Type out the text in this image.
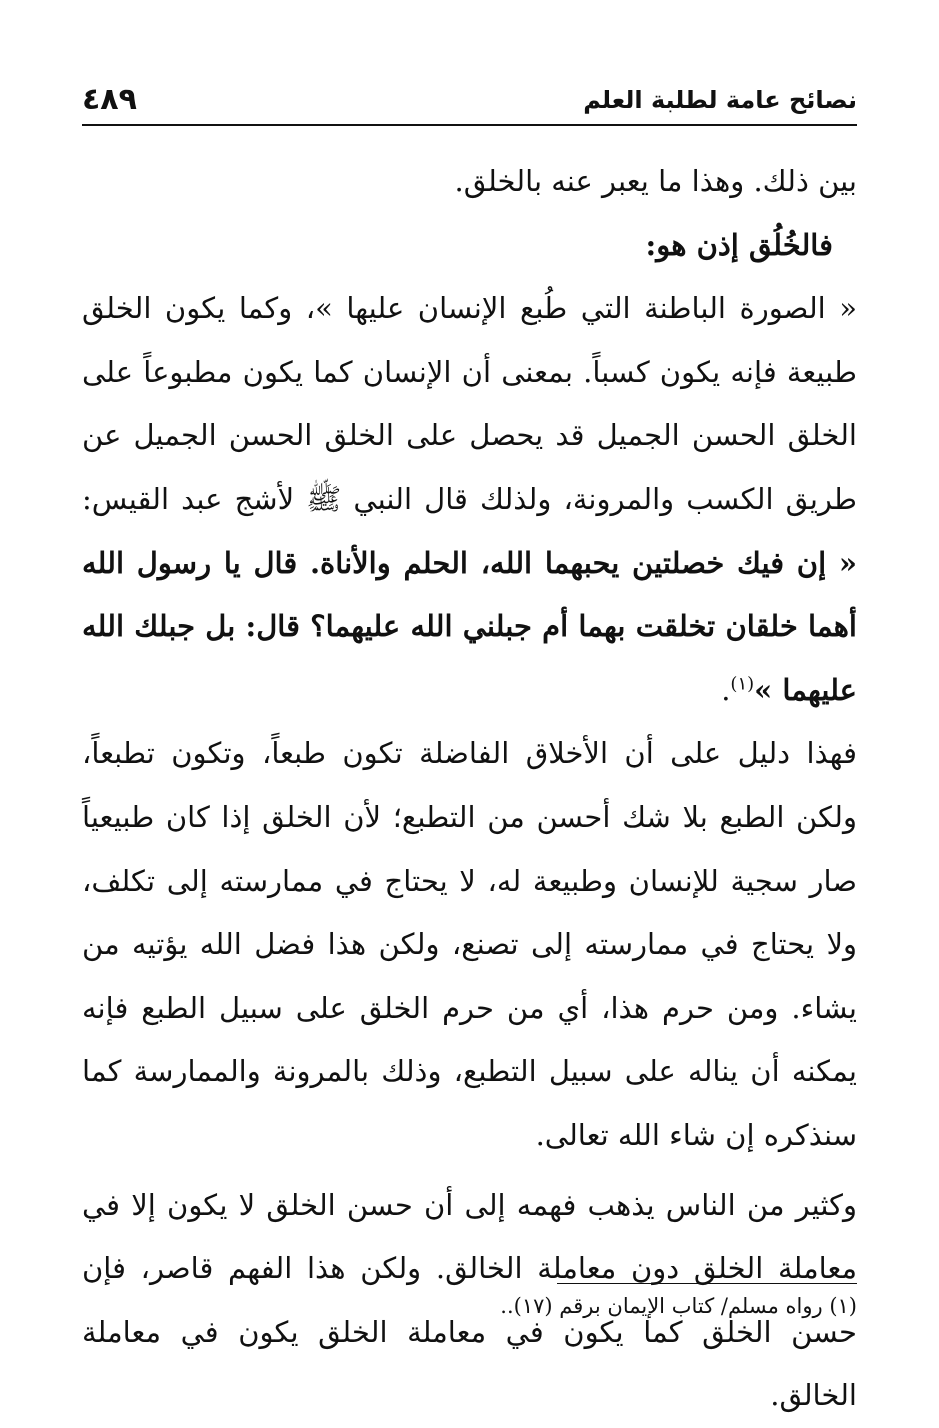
نصائح عامة لطلبة العلم
٤٨٩

بين ذلك. وهذا ما يعبر عنه بالخلق.

فالخُلُق إذن هو:

« الصورة الباطنة التي طُبع الإنسان عليها »، وكما يكون الخلق طبيعة فإنه يكون كسباً. بمعنى أن الإنسان كما يكون مطبوعاً على الخلق الحسن الجميل قد يحصل على الخلق الحسن الجميل عن طريق الكسب والمرونة، ولذلك قال النبي ﷺ لأشج عبد القيس: « إن فيك خصلتين يحبهما الله، الحلم والأناة. قال يا رسول الله أهما خلقان تخلقت بهما أم جبلني الله عليهما؟ قال: بل جبلك الله عليهما »$^{(١)}$.

فهذا دليل على أن الأخلاق الفاضلة تكون طبعاً، وتكون تطبعاً، ولكن الطبع بلا شك أحسن من التطبع؛ لأن الخلق إذا كان طبيعياً صار سجية للإنسان وطبيعة له، لا يحتاج في ممارسته إلى تكلف، ولا يحتاج في ممارسته إلى تصنع، ولكن هذا فضل الله يؤتيه من يشاء. ومن حرم هذا، أي من حرم الخلق على سبيل الطبع فإنه يمكنه أن يناله على سبيل التطبع، وذلك بالمرونة والممارسة كما سنذكره إن شاء الله تعالى.

وكثير من الناس يذهب فهمه إلى أن حسن الخلق لا يكون إلا في معاملة الخلق دون معاملة الخالق. ولكن هذا الفهم قاصر، فإن حسن الخلق كما يكون في معاملة الخلق يكون في معاملة الخالق.

(١) رواه مسلم/ كتاب الإيمان برقم (١٧)..
